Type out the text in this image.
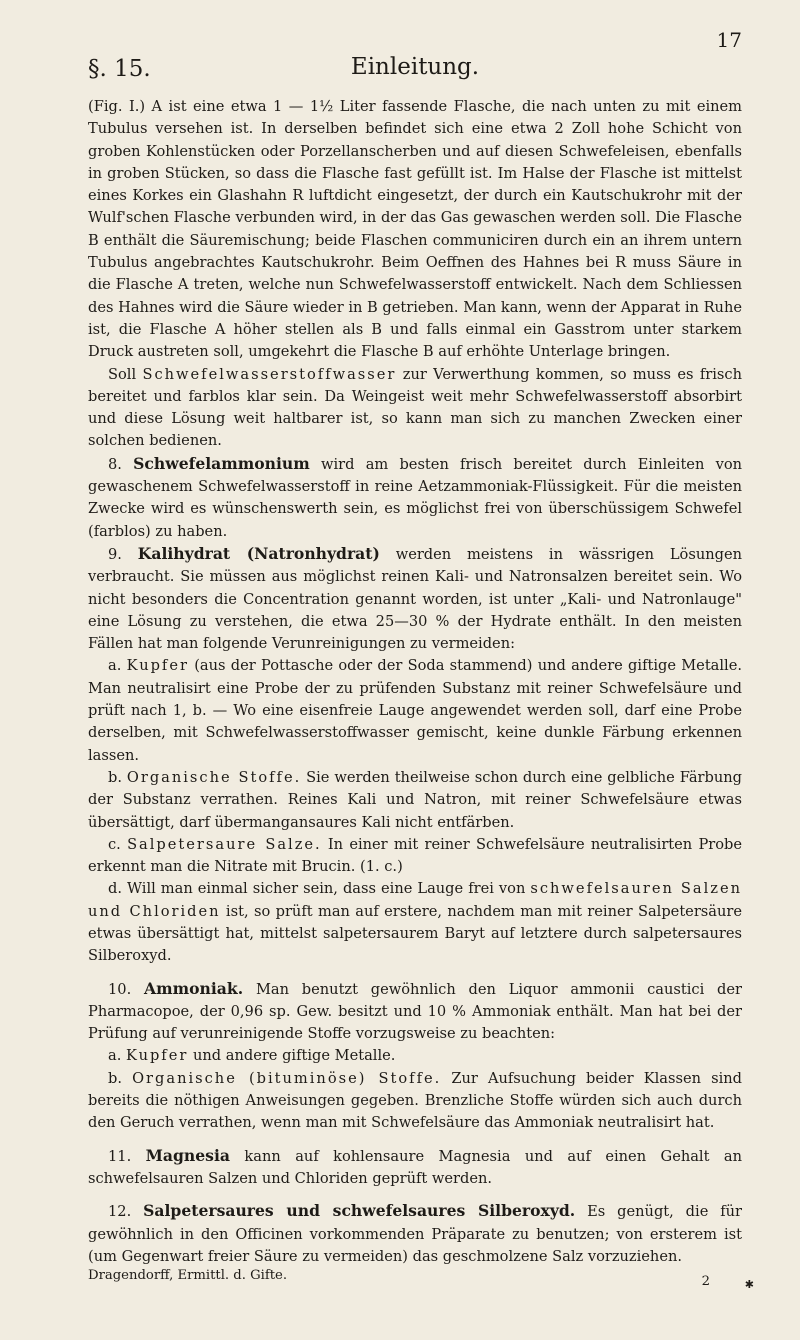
§. 15.	Einleitung.
17

(Fig. I.) A ist eine etwa 1 — 1½ Liter fassende Flasche, die nach unten zu mit einem Tubulus versehen ist. In derselben befindet sich eine etwa 2 Zoll hohe Schicht von groben Kohlenstücken oder Porzellanscherben und auf diesen Schwefeleisen, ebenfalls in groben Stücken, so dass die Flasche fast gefüllt ist. Im Halse der Flasche ist mittelst eines Korkes ein Glashahn R luftdicht eingesetzt, der durch ein Kautschukrohr mit der Wulf'schen Flasche verbunden wird, in der das Gas gewaschen werden soll. Die Flasche B enthält die Säuremischung; beide Flaschen communiciren durch ein an ihrem untern Tubulus angebrachtes Kautschukrohr. Beim Oeffnen des Hahnes bei R muss Säure in die Flasche A treten, welche nun Schwefelwasserstoff entwickelt. Nach dem Schliessen des Hahnes wird die Säure wieder in B getrieben. Man kann, wenn der Apparat in Ruhe ist, die Flasche A höher stellen als B und falls einmal ein Gasstrom unter starkem Druck austreten soll, umgekehrt die Flasche B auf erhöhte Unterlage bringen.

Soll Schwefelwasserstoffwasser zur Verwerthung kommen, so muss es frisch bereitet und farblos klar sein. Da Weingeist weit mehr Schwefelwasserstoff absorbirt und diese Lösung weit haltbarer ist, so kann man sich zu manchen Zwecken einer solchen bedienen.

8. Schwefelammonium wird am besten frisch bereitet durch Einleiten von gewaschenem Schwefelwasserstoff in reine Aetzammoniak-Flüssigkeit. Für die meisten Zwecke wird es wünschenswerth sein, es möglichst frei von überschüssigem Schwefel (farblos) zu haben.

9. Kalihydrat (Natronhydrat) werden meistens in wässrigen Lösungen verbraucht. Sie müssen aus möglichst reinen Kali- und Natronsalzen bereitet sein. Wo nicht besonders die Concentration genannt worden, ist unter „Kali- und Natronlauge" eine Lösung zu verstehen, die etwa 25—30 % der Hydrate enthält. In den meisten Fällen hat man folgende Verunreinigungen zu vermeiden:

a. Kupfer (aus der Pottasche oder der Soda stammend) und andere giftige Metalle. Man neutralisirt eine Probe der zu prüfenden Substanz mit reiner Schwefelsäure und prüft nach 1, b. — Wo eine eisenfreie Lauge angewendet werden soll, darf eine Probe derselben, mit Schwefelwasserstoffwasser gemischt, keine dunkle Färbung erkennen lassen.

b. Organische Stoffe. Sie werden theilweise schon durch eine gelbliche Färbung der Substanz verrathen. Reines Kali und Natron, mit reiner Schwefelsäure etwas übersättigt, darf übermangansaures Kali nicht entfärben.

c. Salpetersaure Salze. In einer mit reiner Schwefelsäure neutralisirten Probe erkennt man die Nitrate mit Brucin. (1. c.)

d. Will man einmal sicher sein, dass eine Lauge frei von schwefelsauren Salzen und Chloriden ist, so prüft man auf erstere, nachdem man mit reiner Salpetersäure etwas übersättigt hat, mittelst salpetersaurem Baryt auf letztere durch salpetersaures Silberoxyd.

10. Ammoniak. Man benutzt gewöhnlich den Liquor ammonii caustici der Pharmacopoe, der 0,96 sp. Gew. besitzt und 10 % Ammoniak enthält. Man hat bei der Prüfung auf verunreinigende Stoffe vorzugsweise zu beachten:

a. Kupfer und andere giftige Metalle.

b. Organische (bituminöse) Stoffe. Zur Aufsuchung beider Klassen sind bereits die nöthigen Anweisungen gegeben. Brenzliche Stoffe würden sich auch durch den Geruch verrathen, wenn man mit Schwefelsäure das Ammoniak neutralisirt hat.

11. Magnesia kann auf kohlensaure Magnesia und auf einen Gehalt an schwefelsauren Salzen und Chloriden geprüft werden.

12. Salpetersaures und schwefelsaures Silberoxyd. Es genügt, die für gewöhnlich in den Officinen vorkommenden Präparate zu benutzen; von ersterem ist (um Gegenwart freier Säure zu vermeiden) das geschmolzene Salz vorzuziehen.

Dragendorff, Ermittl. d. Gifte.	2	✱
